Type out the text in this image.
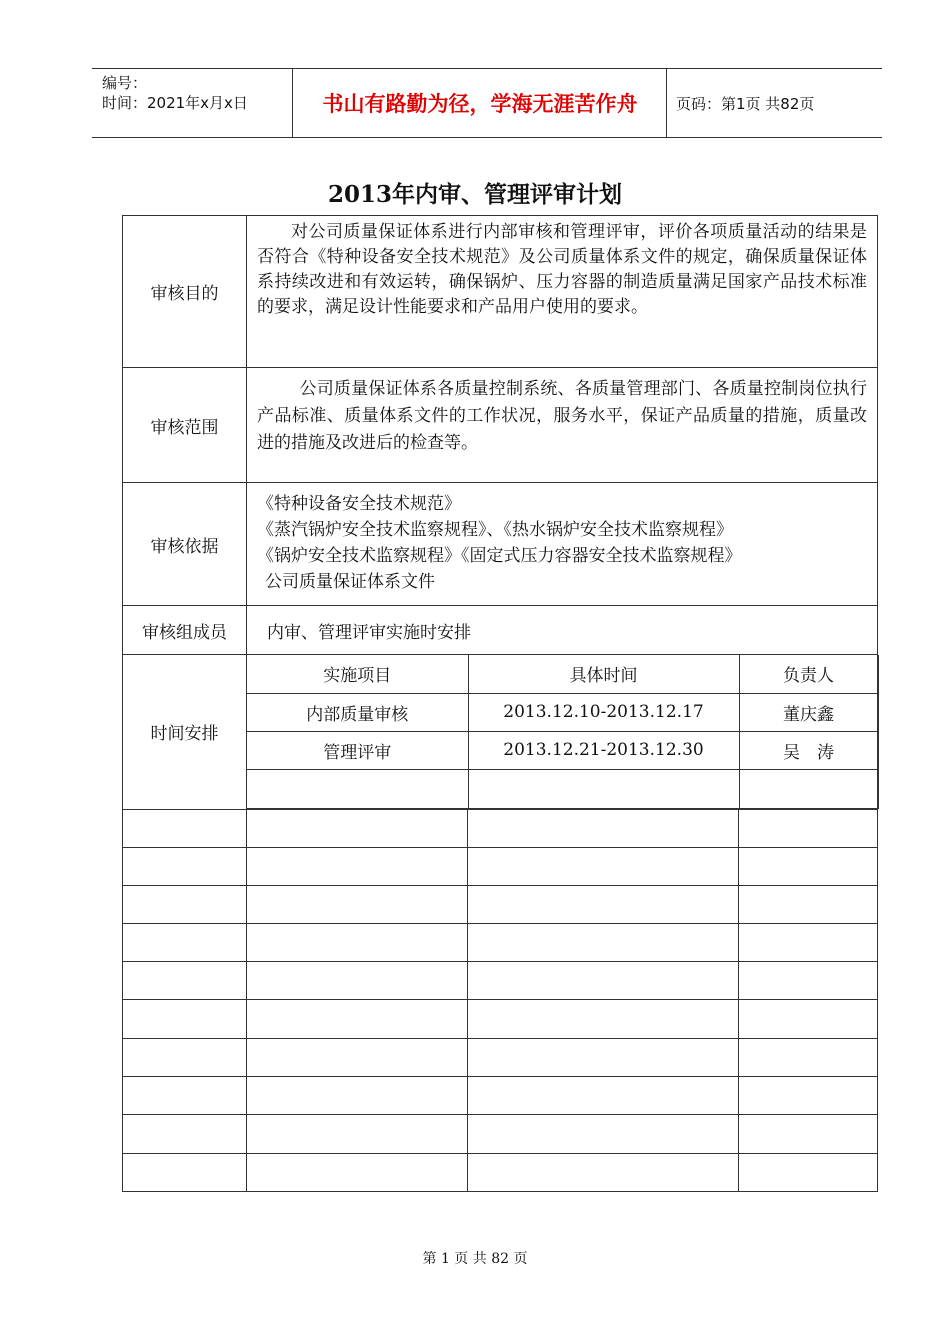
编号：
时间：2021年x月x日	书山有路勤为径，学海无涯苦作舟	页码：第1页 共82页
2013年内审、管理评审计划
审核目的	对公司质量保证体系进行内部审核和管理评审，评价各项质量活动的结果是否符合《特种设备安全技术规范》及公司质量体系文件的规定，确保质量保证体系持续改进和有效运转，确保锅炉、压力容器的制造质量满足国家产品技术标准的要求，满足设计性能要求和产品用户使用的要求。
审核范围	公司质量保证体系各质量控制系统、各质量管理部门、各质量控制岗位执行产品标准、质量体系文件的工作状况，服务水平，保证产品质量的措施，质量改进的措施及改进后的检查等。
审核依据	
《特种设备安全技术规范》
《蒸汽锅炉安全技术监察规程》、《热水锅炉安全技术监察规程》
《锅炉安全技术监察规程》《固定式压力容器安全技术监察规程》
公司质量保证体系文件

审核组成员	内审、管理评审实施时安排
时间安排	
实施项目	具体时间	负责人
内部质量审核	2013.12.10-2013.12.17	董庆鑫
管理评审	2013.12.21-2013.12.30	吴　涛

第 1 页 共 82 页
